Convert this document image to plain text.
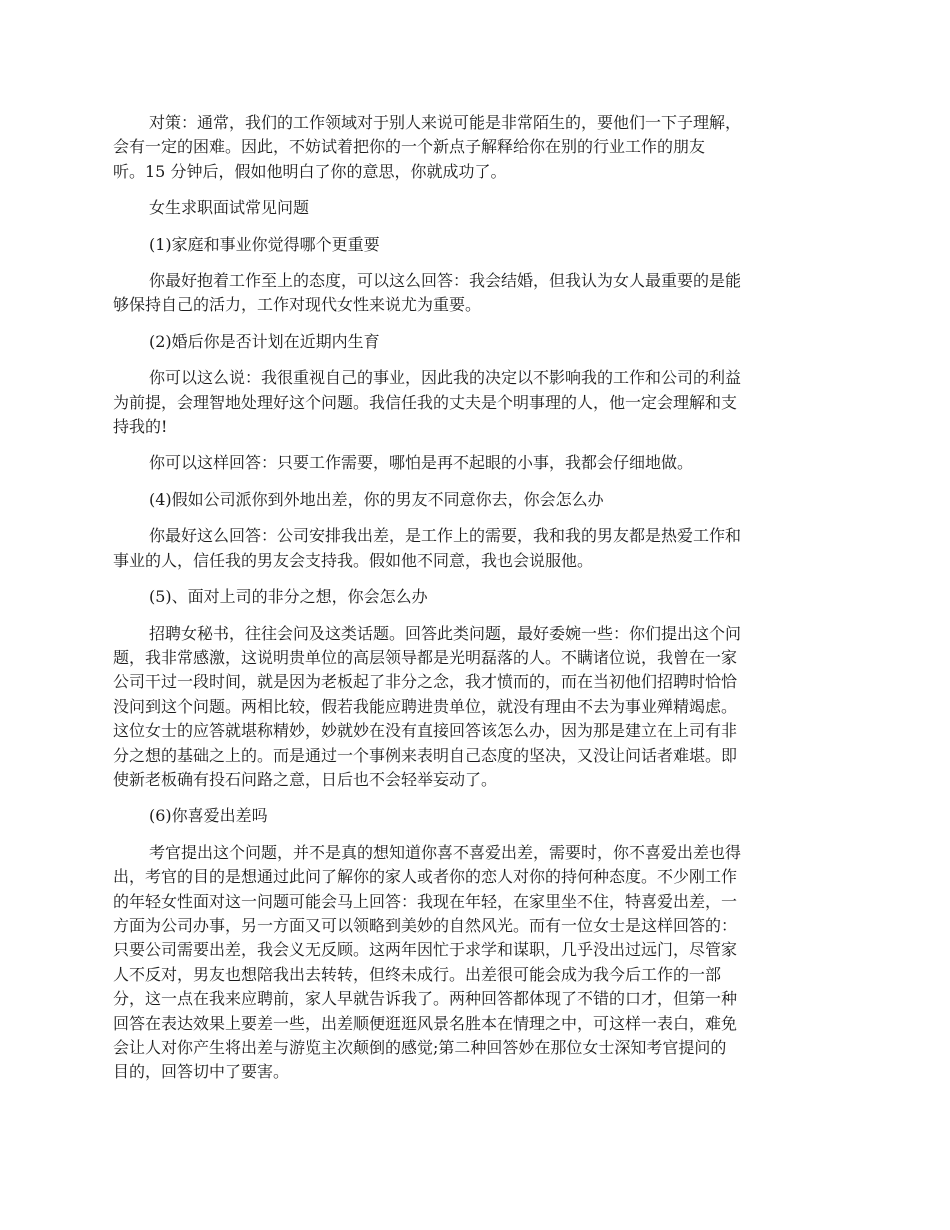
对策：通常，我们的工作领域对于别人来说可能是非常陌生的，要他们一下子理解，
会有一定的困难。因此，不妨试着把你的一个新点子解释给你在别的行业工作的朋友
听。15 分钟后，假如他明白了你的意思，你就成功了。

女生求职面试常见问题

(1)家庭和事业你觉得哪个更重要

你最好抱着工作至上的态度，可以这么回答：我会结婚，但我认为女人最重要的是能
够保持自己的活力，工作对现代女性来说尤为重要。

(2)婚后你是否计划在近期内生育

你可以这么说：我很重视自己的事业，因此我的决定以不影响我的工作和公司的利益
为前提，会理智地处理好这个问题。我信任我的丈夫是个明事理的人，他一定会理解和支
持我的!

你可以这样回答：只要工作需要，哪怕是再不起眼的小事，我都会仔细地做。

(4)假如公司派你到外地出差，你的男友不同意你去，你会怎么办

你最好这么回答：公司安排我出差，是工作上的需要，我和我的男友都是热爱工作和
事业的人，信任我的男友会支持我。假如他不同意，我也会说服他。

(5)、面对上司的非分之想，你会怎么办

招聘女秘书，往往会问及这类话题。回答此类问题，最好委婉一些：你们提出这个问
题，我非常感激，这说明贵单位的高层领导都是光明磊落的人。不瞒诸位说，我曾在一家
公司干过一段时间，就是因为老板起了非分之念，我才愤而的，而在当初他们招聘时恰恰
没问到这个问题。两相比较，假若我能应聘进贵单位，就没有理由不去为事业殚精竭虑。
这位女士的应答就堪称精妙，妙就妙在没有直接回答该怎么办，因为那是建立在上司有非
分之想的基础之上的。而是通过一个事例来表明自己态度的坚决，又没让问话者难堪。即
使新老板确有投石问路之意，日后也不会轻举妄动了。

(6)你喜爱出差吗

考官提出这个问题，并不是真的想知道你喜不喜爱出差，需要时，你不喜爱出差也得
出，考官的目的是想通过此问了解你的家人或者你的恋人对你的持何种态度。不少刚工作
的年轻女性面对这一问题可能会马上回答：我现在年轻，在家里坐不住，特喜爱出差，一
方面为公司办事，另一方面又可以领略到美妙的自然风光。而有一位女士是这样回答的：
只要公司需要出差，我会义无反顾。这两年因忙于求学和谋职，几乎没出过远门，尽管家
人不反对，男友也想陪我出去转转，但终未成行。出差很可能会成为我今后工作的一部
分，这一点在我来应聘前，家人早就告诉我了。两种回答都体现了不错的口才，但第一种
回答在表达效果上要差一些，出差顺便逛逛风景名胜本在情理之中，可这样一表白，难免
会让人对你产生将出差与游览主次颠倒的感觉;第二种回答妙在那位女士深知考官提问的
目的，回答切中了要害。
